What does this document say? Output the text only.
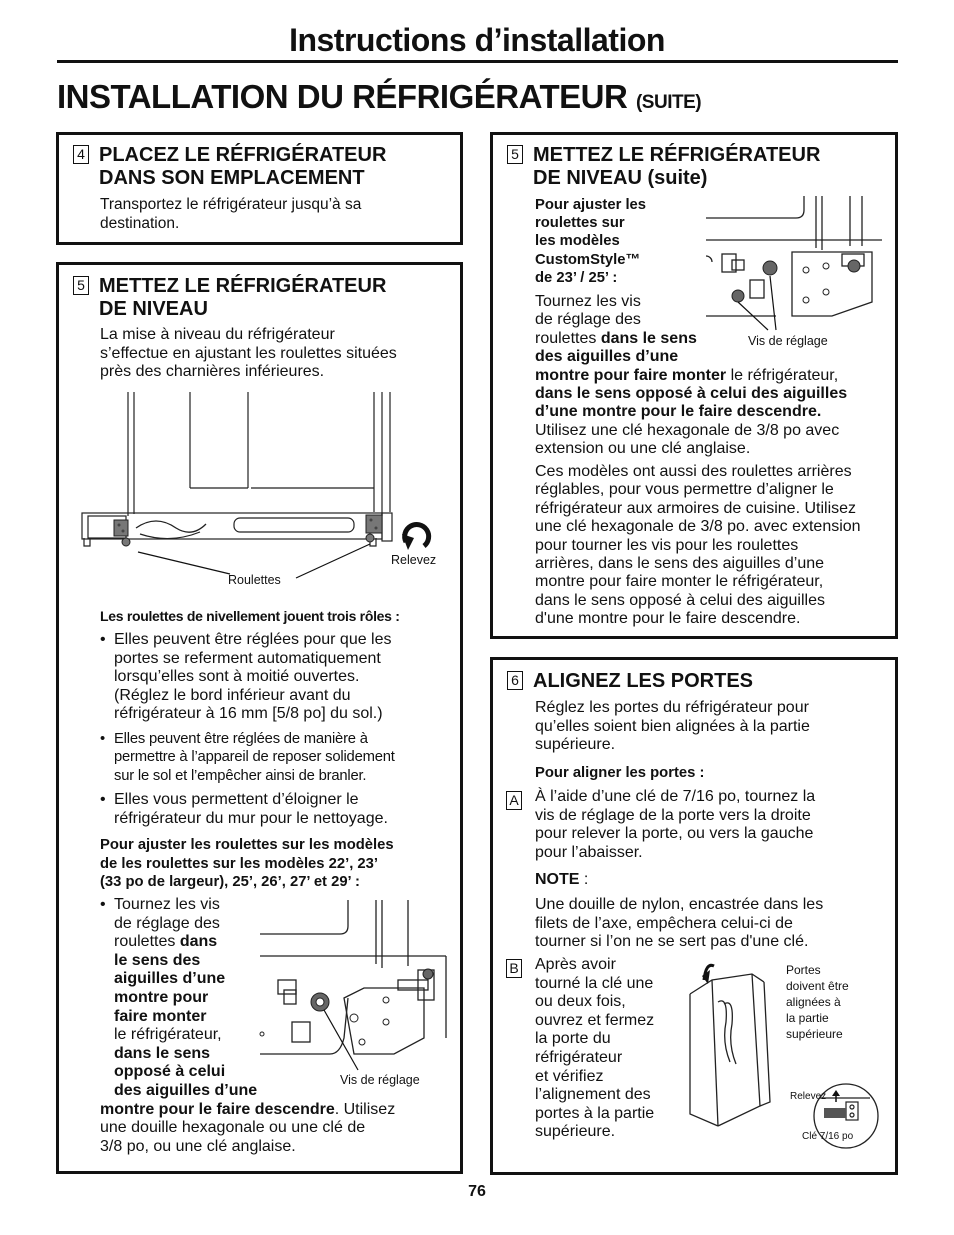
Instructions d’installation
INSTALLATION DU RÉFRIGÉRATEUR (SUITE)
4 PLACEZ LE RÉFRIGÉRATEUR
DANS SON EMPLACEMENT
Transportez le réfrigérateur jusqu’à sa
destination.
5 METTEZ LE RÉFRIGÉRATEUR
DE NIVEAU
La mise à niveau du réfrigérateur
s’effectue en ajustant les roulettes situées
près des charnières inférieures.
Roulettes
Relevez
Les roulettes de nivellement jouent trois rôles :
• Elles peuvent être réglées pour que les
portes se referment automatiquement
lorsqu’elles sont à moitié ouvertes.
(Réglez le bord inférieur avant du
réfrigérateur à 16 mm [5/8 po] du sol.)
• Elles peuvent être réglées de manière à
permettre à l’appareil de reposer solidement
sur le sol et l’empêcher ainsi de branler.
• Elles vous permettent d’éloigner le
réfrigérateur du mur pour le nettoyage.
Pour ajuster les roulettes sur les modèles
de les roulettes sur les modèles 22’, 23’
(33 po de largeur), 25’, 26’, 27’ et 29’ :
• Tournez les vis
de réglage des
roulettes dans
le sens des
aiguilles d’une
montre pour
faire monter
le réfrigérateur,
dans le sens
opposé à celui
des aiguilles d’une
montre pour le faire descendre. Utilisez
une douille hexagonale ou une clé de
3/8 po, ou une clé anglaise.
Vis de réglage
5 METTEZ LE RÉFRIGÉRATEUR
DE NIVEAU (suite)
Pour ajuster les
roulettes sur
les modèles
CustomStyle™
de 23’ / 25’ :
Vis de réglage
Tournez les vis
de réglage des
roulettes dans le sens
des aiguilles d’une
montre pour faire monter le réfrigérateur,
dans le sens opposé à celui des aiguilles
d’une montre pour le faire descendre.
Utilisez une clé hexagonale de 3/8 po avec
extension ou une clé anglaise.
Ces modèles ont aussi des roulettes arrières
réglables, pour vous permettre d’aligner le
réfrigérateur aux armoires de cuisine. Utilisez
une clé hexagonale de 3/8 po. avec extension
pour tourner les vis pour les roulettes
arrières, dans le sens des aiguilles d’une
montre pour faire monter le réfrigérateur,
dans le sens opposé à celui des aiguilles
d'une montre pour le faire descendre.
6 ALIGNEZ LES PORTES
Réglez les portes du réfrigérateur pour
qu’elles soient bien alignées à la partie
supérieure.
Pour aligner les portes :
A À l’aide d’une clé de 7/16 po, tournez la
vis de réglage de la porte vers la droite
pour relever la porte, ou vers la gauche
pour l’abaisser.
NOTE :
Une douille de nylon, encastrée dans les
filets de l’axe, empêchera celui-ci de
tourner si l’on ne se sert pas d'une clé.
B Après avoir
tourné la clé une
ou deux fois,
ouvrez et fermez
la porte du
réfrigérateur
et vérifiez
l’alignement des
portes à la partie
supérieure.
Portes
doivent être
alignées à
la partie
supérieure
Relevez
Clé 7/16 po
76
